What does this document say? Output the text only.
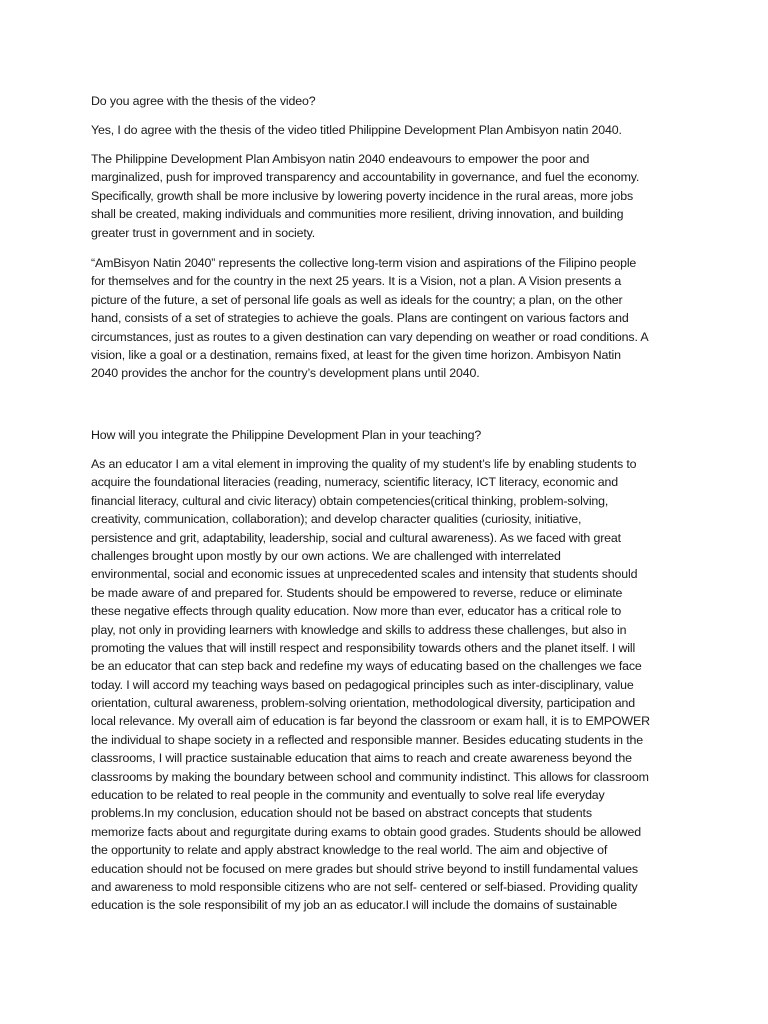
Do you agree with the thesis of the video?
Yes, I do agree with the thesis of the video titled Philippine Development Plan Ambisyon natin 2040.
The Philippine Development Plan Ambisyon natin 2040 endeavours to empower the poor and
marginalized, push for improved transparency and accountability in governance, and fuel the economy.
Specifically, growth shall be more inclusive by lowering poverty incidence in the rural areas, more jobs
shall be created, making individuals and communities more resilient, driving innovation, and building
greater trust in government and in society.
“AmBisyon Natin 2040” represents the collective long-term vision and aspirations of the Filipino people
for themselves and for the country in the next 25 years. It is a Vision, not a plan. A Vision presents a
picture of the future, a set of personal life goals as well as ideals for the country; a plan, on the other
hand, consists of a set of strategies to achieve the goals. Plans are contingent on various factors and
circumstances, just as routes to a given destination can vary depending on weather or road conditions. A
vision, like a goal or a destination, remains fixed, at least for the given time horizon. Ambisyon Natin
2040 provides the anchor for the country’s development plans until 2040.
How will you integrate the Philippine Development Plan in your teaching?
As an educator I am a vital element in improving the quality of my student’s life by enabling students to
acquire the foundational literacies (reading, numeracy, scientific literacy, ICT literacy, economic and
financial literacy, cultural and civic literacy) obtain competencies(critical thinking, problem-solving,
creativity, communication, collaboration); and develop character qualities (curiosity, initiative,
persistence and grit, adaptability, leadership, social and cultural awareness). As we faced with great
challenges brought upon mostly by our own actions. We are challenged with interrelated
environmental, social and economic issues at unprecedented scales and intensity that students should
be made aware of and prepared for. Students should be empowered to reverse, reduce or eliminate
these negative effects through quality education. Now more than ever, educator has a critical role to
play, not only in providing learners with knowledge and skills to address these challenges, but also in
promoting the values that will instill respect and responsibility towards others and the planet itself. I will
be an educator that can step back and redefine my ways of educating based on the challenges we face
today. I will accord my teaching ways based on pedagogical principles such as inter-disciplinary, value
orientation, cultural awareness, problem-solving orientation, methodological diversity, participation and
local relevance. My overall aim of education is far beyond the classroom or exam hall, it is to EMPOWER
the individual to shape society in a reflected and responsible manner. Besides educating students in the
classrooms, I will practice sustainable education that aims to reach and create awareness beyond the
classrooms by making the boundary between school and community indistinct. This allows for classroom
education to be related to real people in the community and eventually to solve real life everyday
problems.In my conclusion, education should not be based on abstract concepts that students
memorize facts about and regurgitate during exams to obtain good grades. Students should be allowed
the opportunity to relate and apply abstract knowledge to the real world. The aim and objective of
education should not be focused on mere grades but should strive beyond to instill fundamental values
and awareness to mold responsible citizens who are not self- centered or self-biased. Providing quality
education is the sole responsibilit of my job an as educator.I will include the domains of sustainable
